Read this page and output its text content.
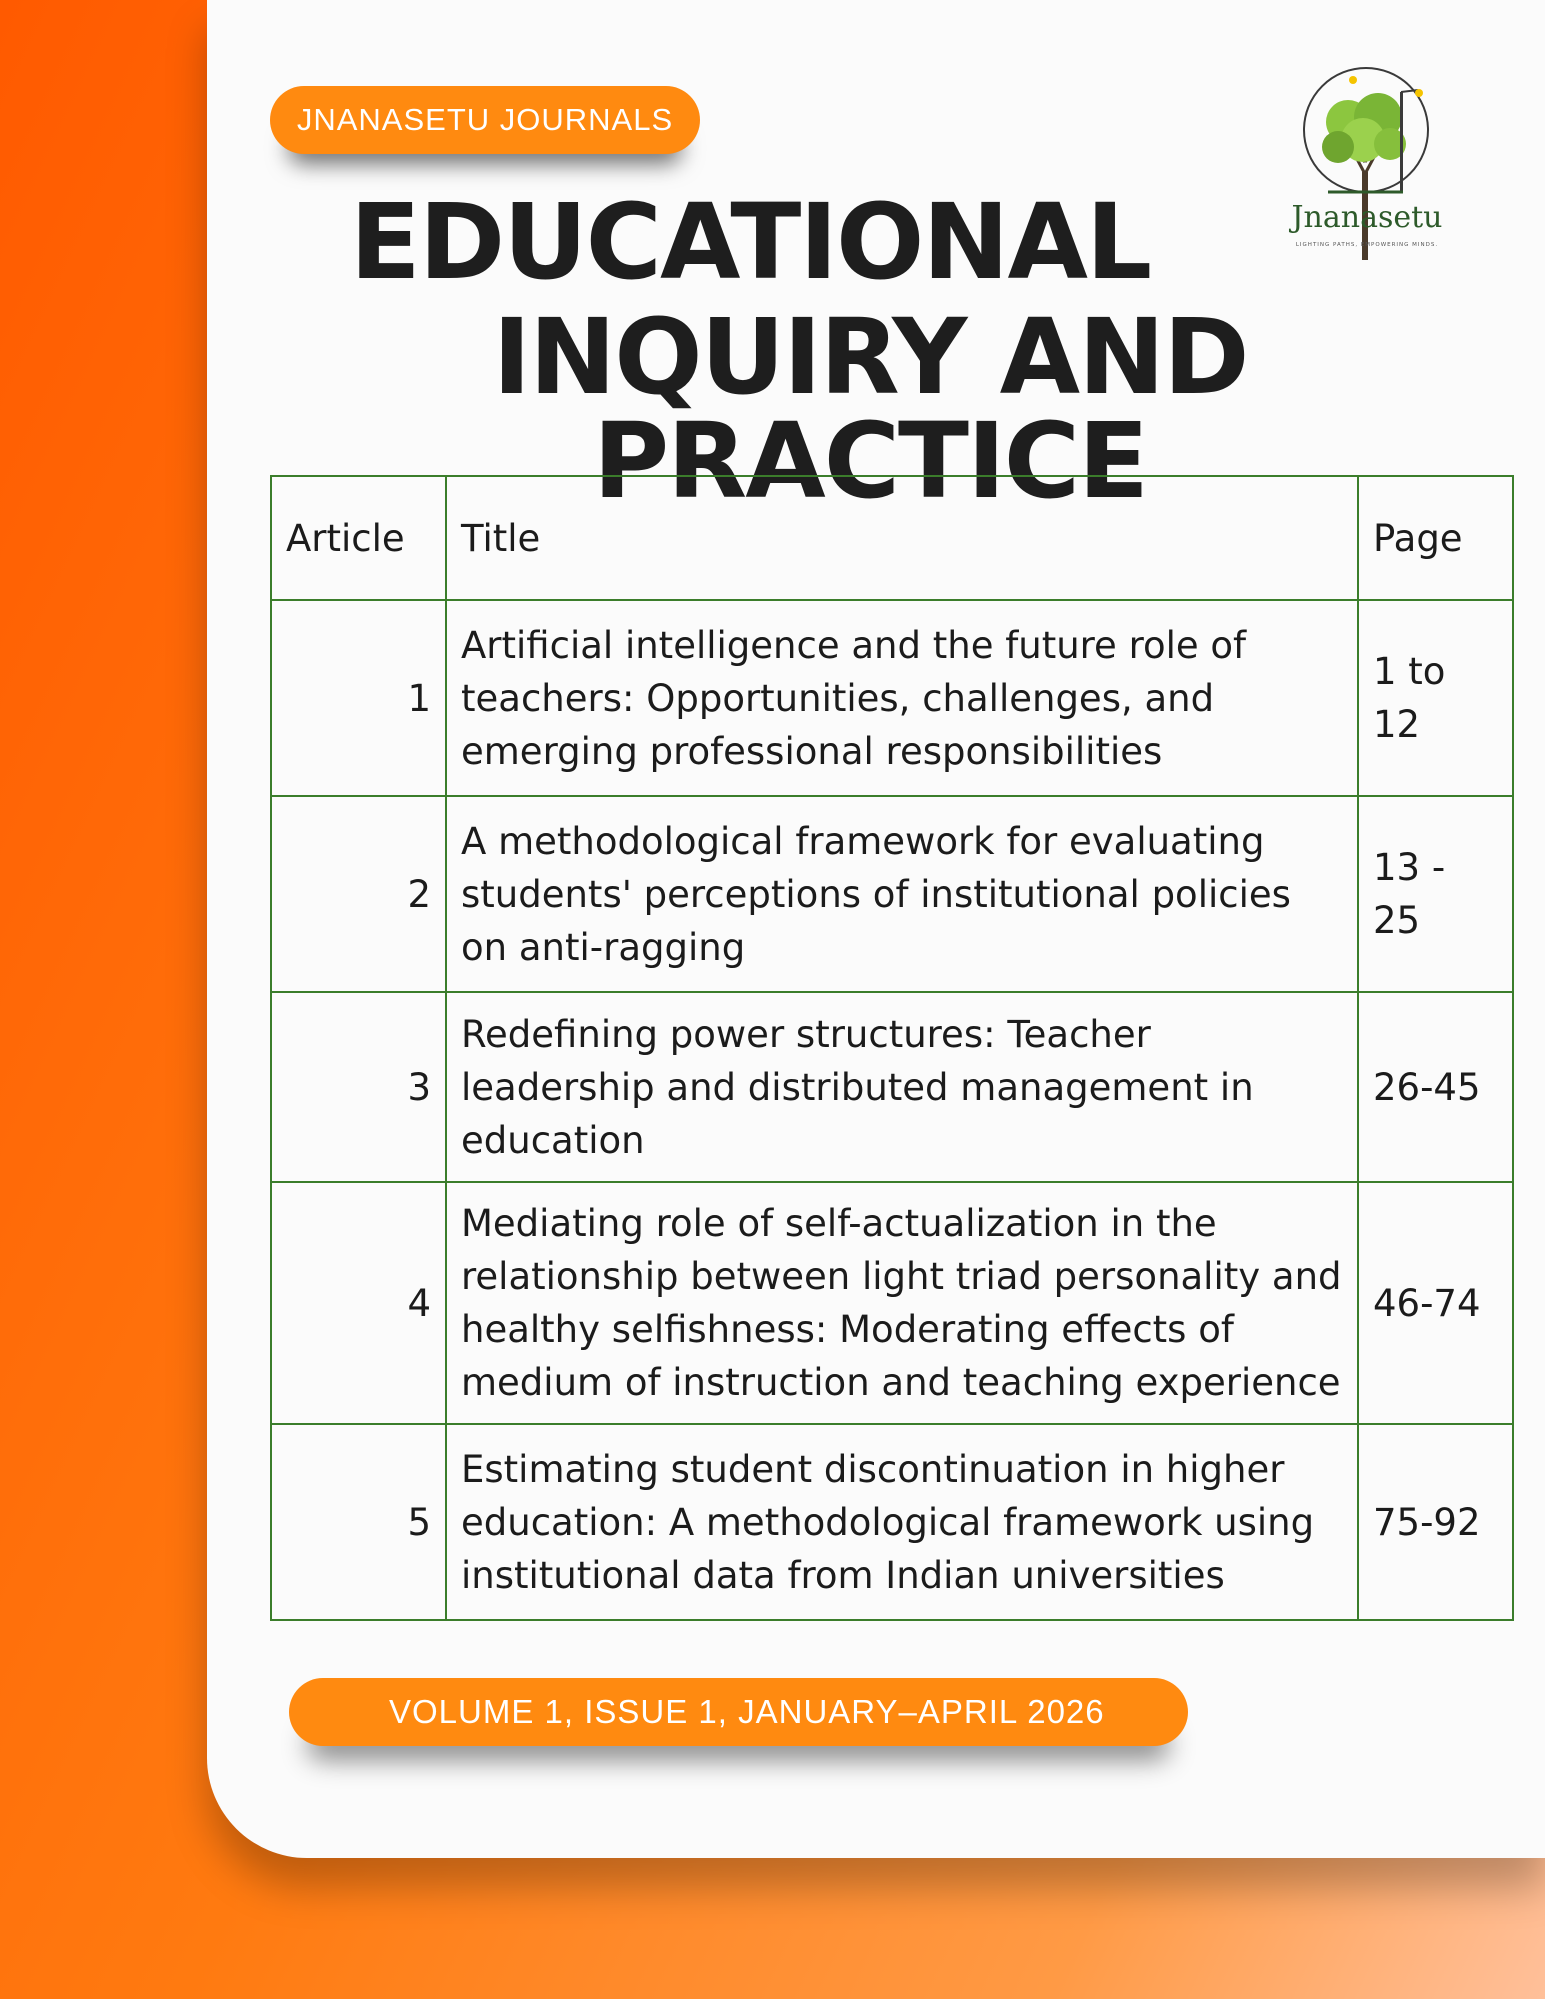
JNANASETU JOURNALS
EDUCATIONAL
INQUIRY AND PRACTICE
Jnanasetu
LIGHTING PATHS, EMPOWERING MINDS.
Article	Title	Page
1	Artificial intelligence and the future role of teachers: Opportunities, challenges, and emerging professional responsibilities	1 to 12
2	A methodological framework for evaluating students' perceptions of institutional policies on anti-ragging	13 - 25
3	Redefining power structures: Teacher leadership and distributed management in education	26-45
4	Mediating role of self-actualization in the relationship between light triad personality and healthy selfishness: Moderating effects of medium of instruction and teaching experience	46-74
5	Estimating student discontinuation in higher education: A methodological framework using institutional data from Indian universities	75-92
VOLUME 1, ISSUE 1, JANUARY–APRIL 2026
